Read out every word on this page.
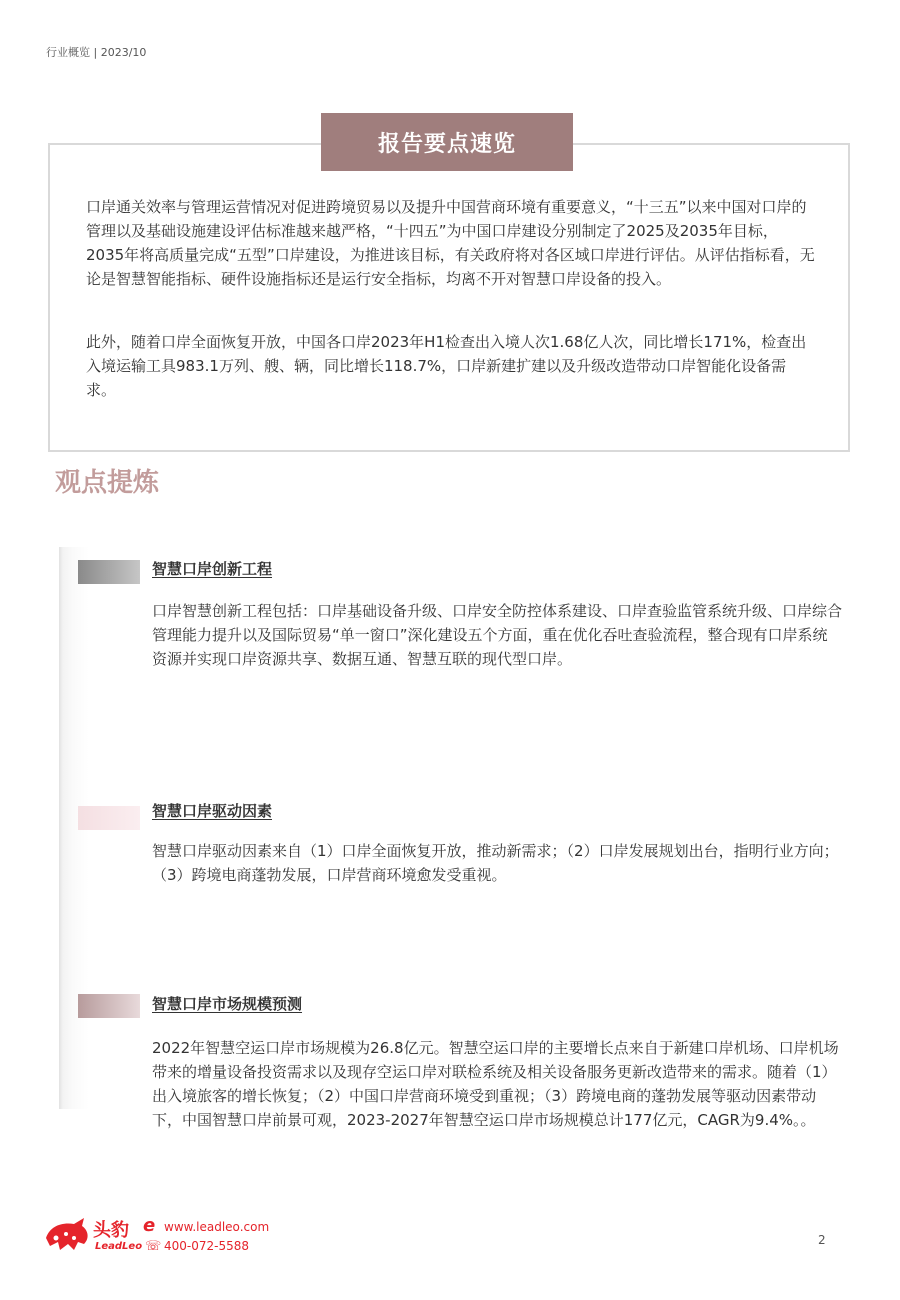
行业概览 | 2023/10
报告要点速览

口岸通关效率与管理运营情况对促进跨境贸易以及提升中国营商环境有重要意义，“十三五”以来中国对口岸的管理以及基础设施建设评估标准越来越严格，“十四五”为中国口岸建设分别制定了2025及2035年目标，2035年将高质量完成“五型”口岸建设，为推进该目标，有关政府将对各区域口岸进行评估。从评估指标看，无论是智慧智能指标、硬件设施指标还是运行安全指标，均离不开对智慧口岸设备的投入。

此外，随着口岸全面恢复开放，中国各口岸2023年H1检查出入境人次1.68亿人次，同比增长171%，检查出入境运输工具983.1万列、艘、辆，同比增长118.7%，口岸新建扩建以及升级改造带动口岸智能化设备需求。

观点提炼
智慧口岸创新工程

口岸智慧创新工程包括：口岸基础设备升级、口岸安全防控体系建设、口岸查验监管系统升级、口岸综合管理能力提升以及国际贸易“单一窗口”深化建设五个方面，重在优化吞吐查验流程，整合现有口岸系统资源并实现口岸资源共享、数据互通、智慧互联的现代型口岸。

智慧口岸驱动因素

智慧口岸驱动因素来自（1）口岸全面恢复开放，推动新需求；（2）口岸发展规划出台，指明行业方向；（3）跨境电商蓬勃发展，口岸营商环境愈发受重视。

智慧口岸市场规模预测

2022年智慧空运口岸市场规模为26.8亿元。智慧空运口岸的主要增长点来自于新建口岸机场、口岸机场带来的增量设备投资需求以及现存空运口岸对联检系统及相关设备服务更新改造带来的需求。随着（1）出入境旅客的增长恢复；（2）中国口岸营商环境受到重视；（3）跨境电商的蓬勃发展等驱动因素带动下，中国智慧口岸前景可观，2023-2027年智慧空运口岸市场规模总计177亿元，CAGR为9.4%。。

头豹
LeadLeo
e www.leadleo.com
☏ 400-072-5588	2
